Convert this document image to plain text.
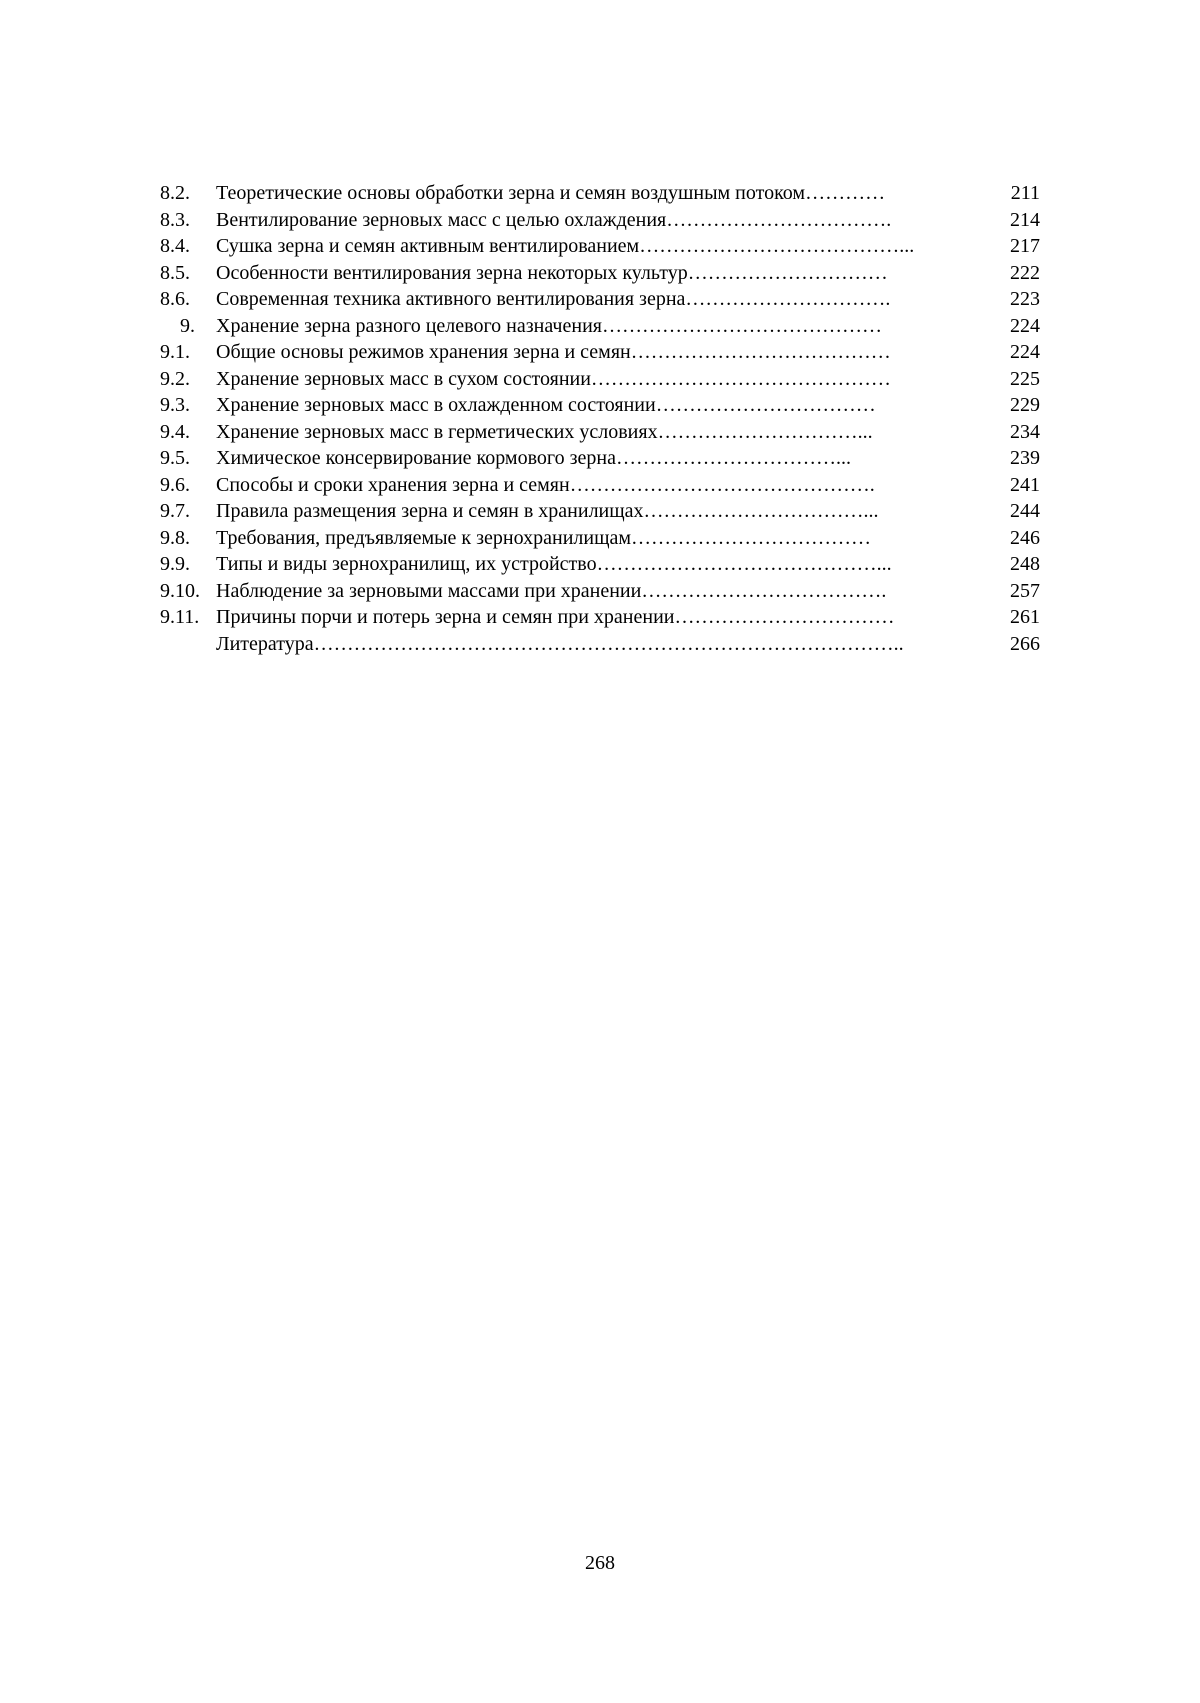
8.2.	Теоретические основы обработки зерна и семян воздушным потоком…………	211
8.3.	Вентилирование зерновых масс с целью охлаждения…………………………….	214
8.4.	Сушка зерна и семян активным вентилированием…………………………………...	217
8.5.	Особенности вентилирования зерна некоторых культур…………………………	222
8.6.	Современная техника активного вентилирования зерна………………………….	223
9.	Хранение зерна разного целевого назначения……………………………………	224
9.1.	Общие основы режимов хранения зерна и семян…………………………………	224
9.2.	Хранение зерновых масс в сухом состоянии………………………………………	225
9.3.	Хранение зерновых масс в охлажденном состоянии……………………………	229
9.4.	Хранение зерновых масс в герметических условиях…………………………...	234
9.5.	Химическое консервирование кормового зерна……………………………...	239
9.6.	Способы и сроки хранения зерна и семян……………………………………….	241
9.7.	Правила размещения зерна и семян в хранилищах……………………………...	244
9.8.	Требования, предъявляемые к зернохранилищам………………………………	246
9.9.	Типы и виды зернохранилищ, их устройство……………………………………...	248
9.10. Наблюдение за зерновыми массами при хранении……………………………….	257
9.11. Причины порчи и потерь зерна и семян при хранении……………………………	261
Литература……………………………………………………………………………..	266
268
